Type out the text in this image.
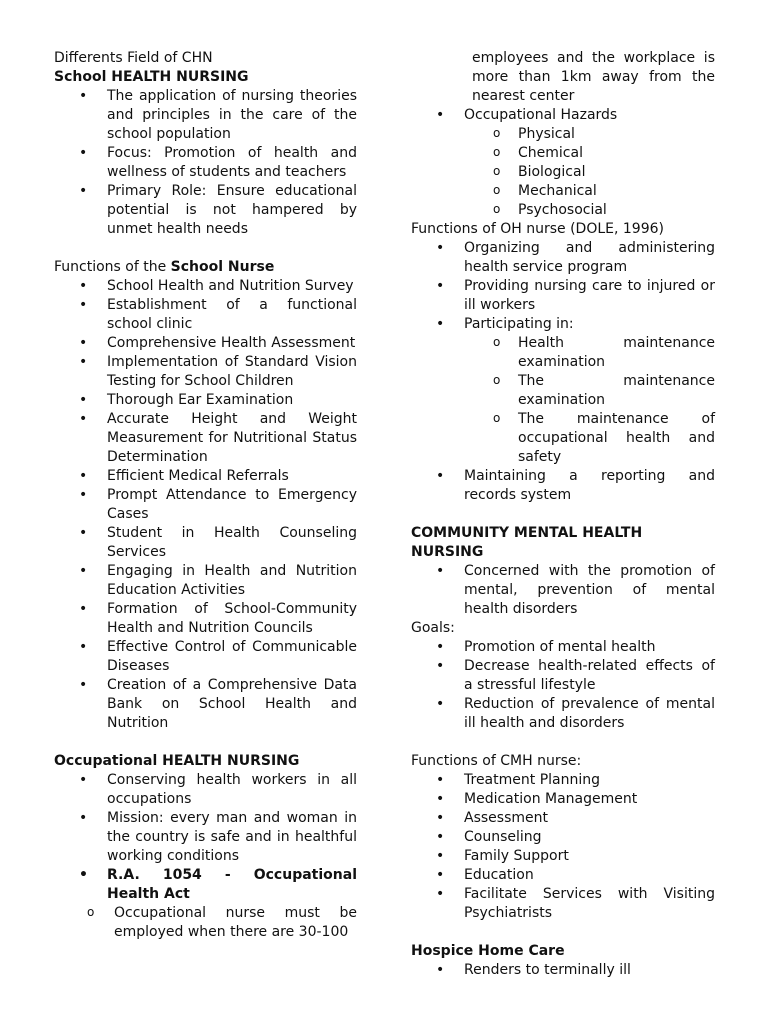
Differents Field of CHN
School HEALTH NURSING
• The application of nursing theories and principles in the care of the school population
• Focus: Promotion of health and wellness of students and teachers
• Primary Role: Ensure educational potential is not hampered by unmet health needs
Functions of the School Nurse
• School Health and Nutrition Survey
• Establishment of a functional school clinic
• Comprehensive Health Assessment
• Implementation of Standard Vision Testing for School Children
• Thorough Ear Examination
• Accurate Height and Weight Measurement for Nutritional Status Determination
• Efficient Medical Referrals
• Prompt Attendance to Emergency Cases
• Student in Health Counseling Services
• Engaging in Health and Nutrition Education Activities
• Formation of School-Community Health and Nutrition Councils
• Effective Control of Communicable Diseases
• Creation of a Comprehensive Data Bank on School Health and Nutrition
Occupational HEALTH NURSING
• Conserving health workers in all occupations
• Mission: every man and woman in the country is safe and in healthful working conditions
• R.A. 1054 - Occupational Health Act
o Occupational nurse must be employed when there are 30-100
employees and the workplace is more than 1km away from the nearest center
• Occupational Hazards
o Physical
o Chemical
o Biological
o Mechanical
o Psychosocial
Functions of OH nurse (DOLE, 1996)
• Organizing and administering health service program
• Providing nursing care to injured or ill workers
• Participating in:
o Health maintenance examination
o The maintenance examination
o The maintenance of occupational health and safety
• Maintaining a reporting and records system
COMMUNITY MENTAL HEALTH NURSING
• Concerned with the promotion of mental, prevention of mental health disorders
Goals:
• Promotion of mental health
• Decrease health-related effects of a stressful lifestyle
• Reduction of prevalence of mental ill health and disorders
Functions of CMH nurse:
• Treatment Planning
• Medication Management
• Assessment
• Counseling
• Family Support
• Education
• Facilitate Services with Visiting Psychiatrists
Hospice Home Care
• Renders to terminally ill
